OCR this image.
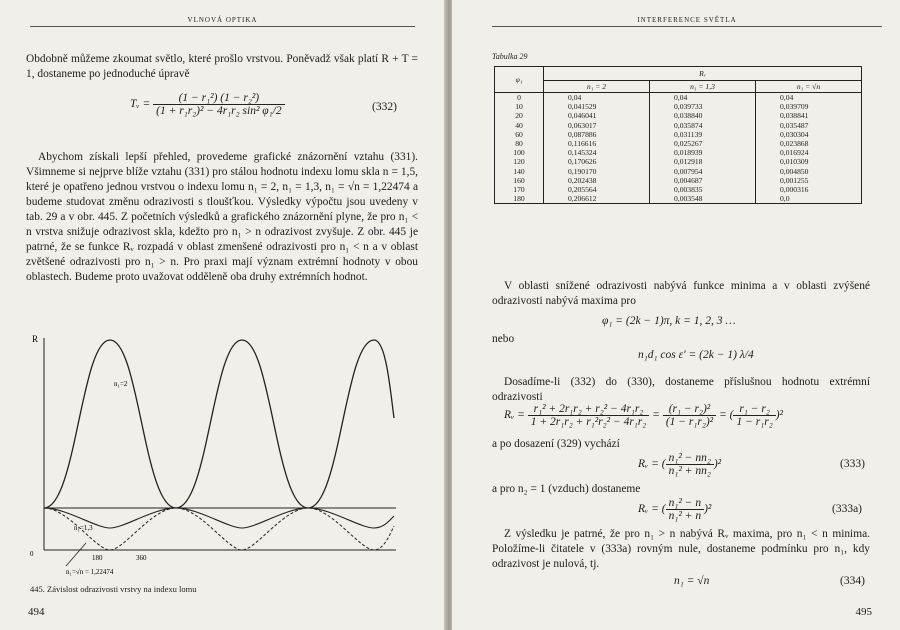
VLNOVÁ OPTIKA
Obdobně můžeme zkoumat světlo, které prošlo vrstvou. Poněvadž však platí R + T = 1, dostaneme po jednoduché úpravě
Tᵥ = $\frac{\text{(1 − r₁²) (1 − r₂²)}}{\text{(1 + r₁r₂)² − 4r₁r₂ sin² φ₁/2}}$	(332)
Abychom získali lepší přehled, provedeme grafické znázornění vztahu (331). Všimneme si nejprve blíže vztahu (331) pro stálou hodnotu indexu lomu skla n = 1,5, které je opatřeno jednou vrstvou o indexu lomu n₁ = 2, n₁ = 1,3, n₁ = √n = 1,22474 a budeme studovat změnu odrazivosti s tloušťkou. Výsledky výpočtu jsou uvedeny v tab. 29 a v obr. 445. Z početních výsledků a grafického znázornění plyne, že pro n₁ < n vrstva snižuje odrazivost skla, kdežto pro n₁ > n odrazivost zvyšuje. Z obr. 445 je patrné, že se funkce Rᵥ rozpadá v oblast zmenšené odrazivosti pro n₁ < n a v oblast zvětšené odrazivosti pro n₁ > n. Pro praxi mají význam extrémní hodnoty v obou oblastech. Budeme proto uvažovat odděleně oba druhy extrémních hodnot.
R
n₁=2
n₁=1,3
n₁=√n = 1,22474
0	180	360
445. Závislost odrazivosti vrstvy na indexu lomu
494
INTERFERENCE SVĚTLA
Tabulka 29
φ₁	Rᵥ		
	n₁ = 2	n₁ = 1,3	n₁ = √n
0	0,04	0,04	0,04
10	0,041529	0,039733	0,039709
20	0,046041	0,038840	0,038841
40	0,063017	0,035874	0,035487
60	0,087886	0,031139	0,030304
80	0,116616	0,025267	0,023868
100	0,145324	0,018939	0,016924
120	0,170626	0,012918	0,010309
140	0,190170	0,007954	0,004850
160	0,202438	0,004687	0,001255
170	0,205564	0,003835	0,000316
180	0,206612	0,003548	0,0
V oblasti snížené odrazivosti nabývá funkce minima a v oblasti zvýšené odrazivosti nabývá maxima pro
φ₁ = (2k − 1)π, k = 1, 2, 3 …
nebo
n₁d₁ cos ε′ = (2k − 1) λ/4
Dosadíme-li (332) do (330), dostaneme příslušnou hodnotu extrémní odrazivosti
Rᵥ = $\frac{\text{r₁² + 2r₁r₂ + r₂² − 4r₁r₂}}{\text{1 + 2r₁r₂ + r₁²r₂² − 4r₁r₂}} = \frac{\text{(r₁ − r₂)²}}{\text{(1 − r₁r₂)²}}$ = ( $\frac{\text{r₁ − r₂}}{\text{1 − r₁r₂}} )^2$
a po dosazení (329) vychází
Rᵥ = ( $\frac{\text{n₁² − nn₂}}{\text{n₁² + nn₂}} )^2$	(333)
a pro n₂ = 1 (vzduch) dostaneme
Rᵥ = ( $\frac{\text{n₁² − n}}{\text{n₁² + n}} )^2$	(333a)
Z výsledku je patrné, že pro n₁ > n nabývá Rᵥ maxima, pro n₁ < n minima. Položíme-li čitatele v (333a) rovným nule, dostaneme podmínku pro n₁, kdy odrazivost je nulová, tj.
n₁ = √n	(334)
495
